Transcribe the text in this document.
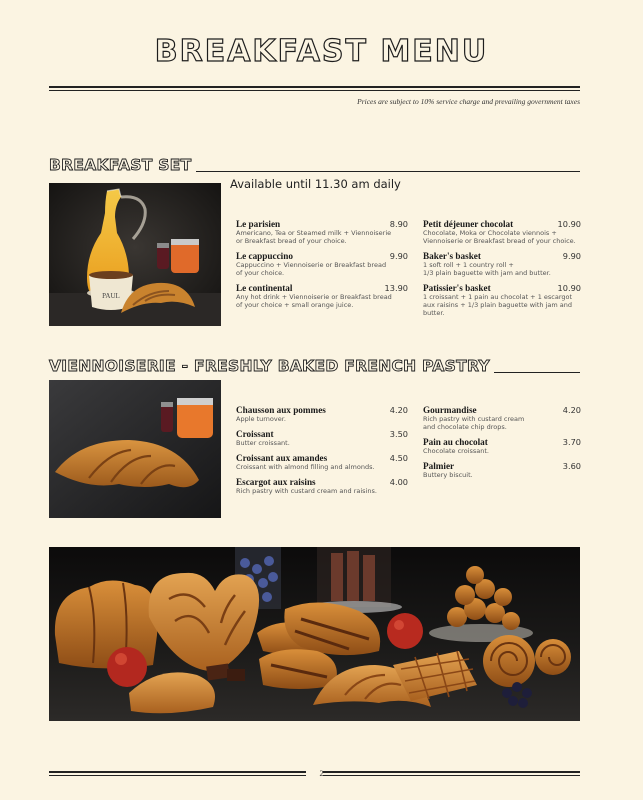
BREAKFAST MENU
Prices are subject to 10% service charge and prevailing government taxes
BREAKFAST SET
Available until 11.30 am daily
PAUL
Le parisien	8.90
Americano, Tea or Steamed milk + Viennoiserie
or Breakfast bread of your choice.
Le cappuccino	9.90
Cappuccino + Viennoiserie or Breakfast bread
of your choice.
Le continental	13.90
Any hot drink + Viennoiserie or Breakfast bread
of your choice + small orange juice.
Petit déjeuner chocolat	10.90
Chocolate, Moka or Chocolate viennois +
Viennoiserie or Breakfast bread of your choice.
Baker's basket	9.90
1 soft roll + 1 country roll +
1/3 plain baguette with jam and butter.
Patissier's basket	10.90
1 croissant + 1 pain au chocolat + 1 escargot
aux raisins + 1/3 plain baguette with jam and
butter.
VIENNOISERIE - FRESHLY BAKED FRENCH PASTRY
Chausson aux pommes	4.20
Apple turnover.
Croissant	3.50
Butter croissant.
Croissant aux amandes	4.50
Croissant with almond filling and almonds.
Escargot aux raisins	4.00
Rich pastry with custard cream and raisins.
Gourmandise	4.20
Rich pastry with custard cream
and chocolate chip drops.
Pain au chocolat	3.70
Chocolate croissant.
Palmier	3.60
Buttery biscuit.
2
